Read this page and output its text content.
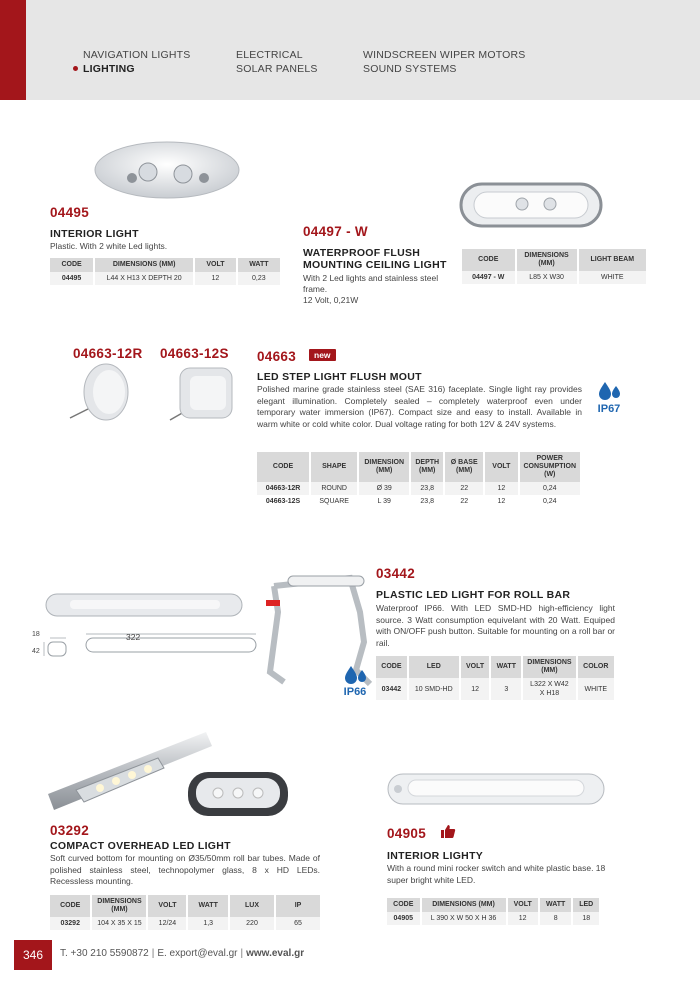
NAVIGATION LIGHTS
LIGHTING
ELECTRICAL
SOLAR PANELS
WINDSCREEN WIPER MOTORS
SOUND SYSTEMS
04495
INTERIOR LIGHT
Plastic. With 2 white Led lights.
CODE	DIMENSIONS (MM)	VOLT	WATT
04495	L44 X H13 X DEPTH 20	12	0,23
04497 - W
WATERPROOF FLUSH
MOUNTING CEILING LIGHT
With 2 Led lights and stainless steel
frame.
12 Volt, 0,21W
CODE	DIMENSIONS (MM)	LIGHT BEAM
04497 - W	L85 X W30	WHITE
04663-12R 04663-12S 04663	new
LED STEP LIGHT FLUSH MOUT
Polished marine grade stainless steel (SAE 316) faceplate. Single light ray provides elegant illumination. Completely sealed – completely waterproof even under temporary water immersion (IP67). Compact size and easy to install. Available in warm white or cold white color. Dual voltage rating for both 12V & 24V systems.
IP67
CODE	SHAPE	DIMENSION (MM)	DEPTH (MM)	Ø BASE (MM)	VOLT	POWER CONSUMPTION (W)
04663-12R	ROUND	Ø 39	23,8	22	12	0,24
04663-12S	SQUARE	L 39	23,8	22	12	0,24
322
18
42
03442
PLASTIC LED LIGHT FOR ROLL BAR
Waterproof IP66. With LED SMD-HD high-efficiency light source. 3 Watt consumption equivelant with 20 Watt. Equiped with ON/OFF push button. Suitable for mounting on a roll bar or rail.
IP66
CODE	LED	VOLT	WATT	DIMENSIONS (MM)	COLOR
03442	10 SMD-HD	12	3	L322 X W42 X H18	WHITE
03292
COMPACT OVERHEAD LED LIGHT
Soft curved bottom for mounting on Ø35/50mm roll bar tubes. Made of polished stainless steel, technopolymer glass, 8 x HD LEDs. Recessless mounting.
CODE	DIMENSIONS (MM)	VOLT	WATT	LUX	IP
03292	104 X 35 X 15	12/24	1,3	220	65
04905
INTERIOR LIGHTY
With a round mini rocker switch and white plastic base. 18 super bright white LED.
CODE	DIMENSIONS (MM)	VOLT	WATT	LED
04905	L 390 X W 50 X H 36	12	8	18
346	T. +30 210 5590872 | E. export@eval.gr | www.eval.gr
